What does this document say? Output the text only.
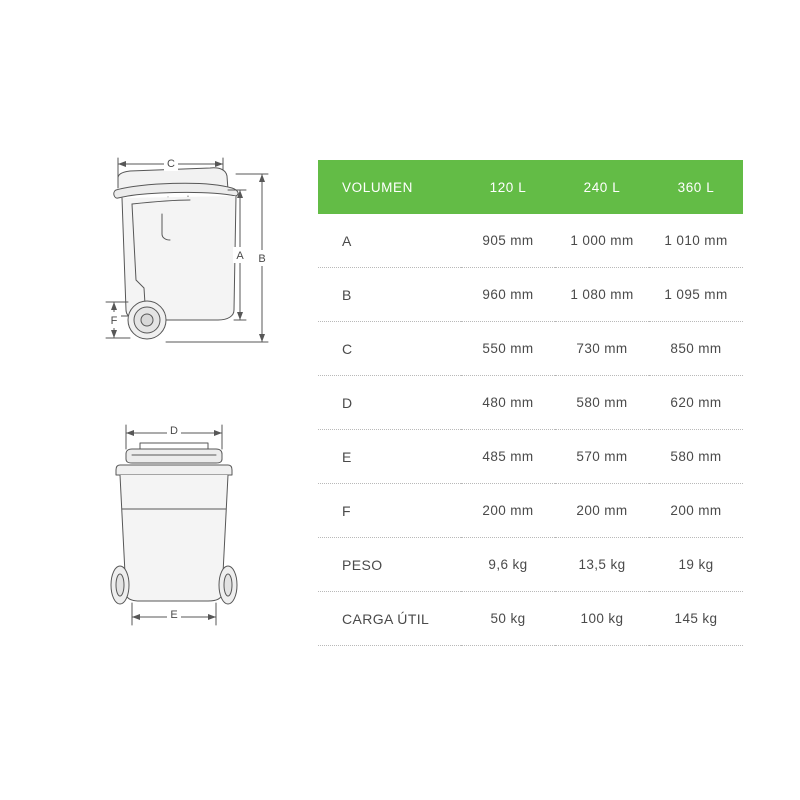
C
A B
F
D
E
VOLUMEN	120 L	240 L	360 L
A	905 mm	1 000 mm	1 010 mm
B	960 mm	1 080 mm	1 095 mm
C	550 mm	730 mm	850 mm
D	480 mm	580 mm	620 mm
E	485 mm	570 mm	580 mm
F	200 mm	200 mm	200 mm
PESO	9,6 kg	13,5 kg	19 kg
CARGA ÚTIL	50 kg	100 kg	145 kg
